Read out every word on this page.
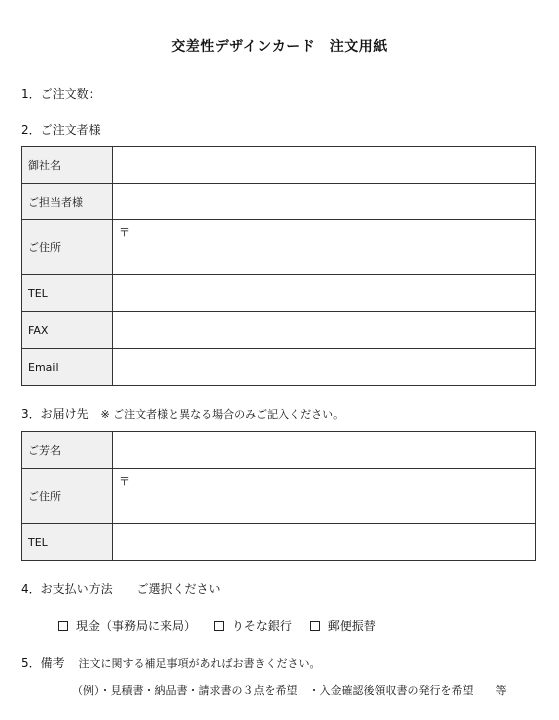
交差性デザインカード　注文用紙
1．ご注文数：
2．ご注文者様
御社名	
ご担当者様	
ご住所	〒

TEL	
FAX	
Email	
3．お届け先 ※ ご注文者様と異なる場合のみご記入ください。
ご芳名	
ご住所	〒

TEL	
4．お支払い方法 ご選択ください
現金（事務局に来局）	りそな銀行	郵便振替
5．備考 注文に関する補足事項があればお書きください。
（例）・見積書・納品書・請求書の３点を希望　・入金確認後領収書の発行を希望　　等
